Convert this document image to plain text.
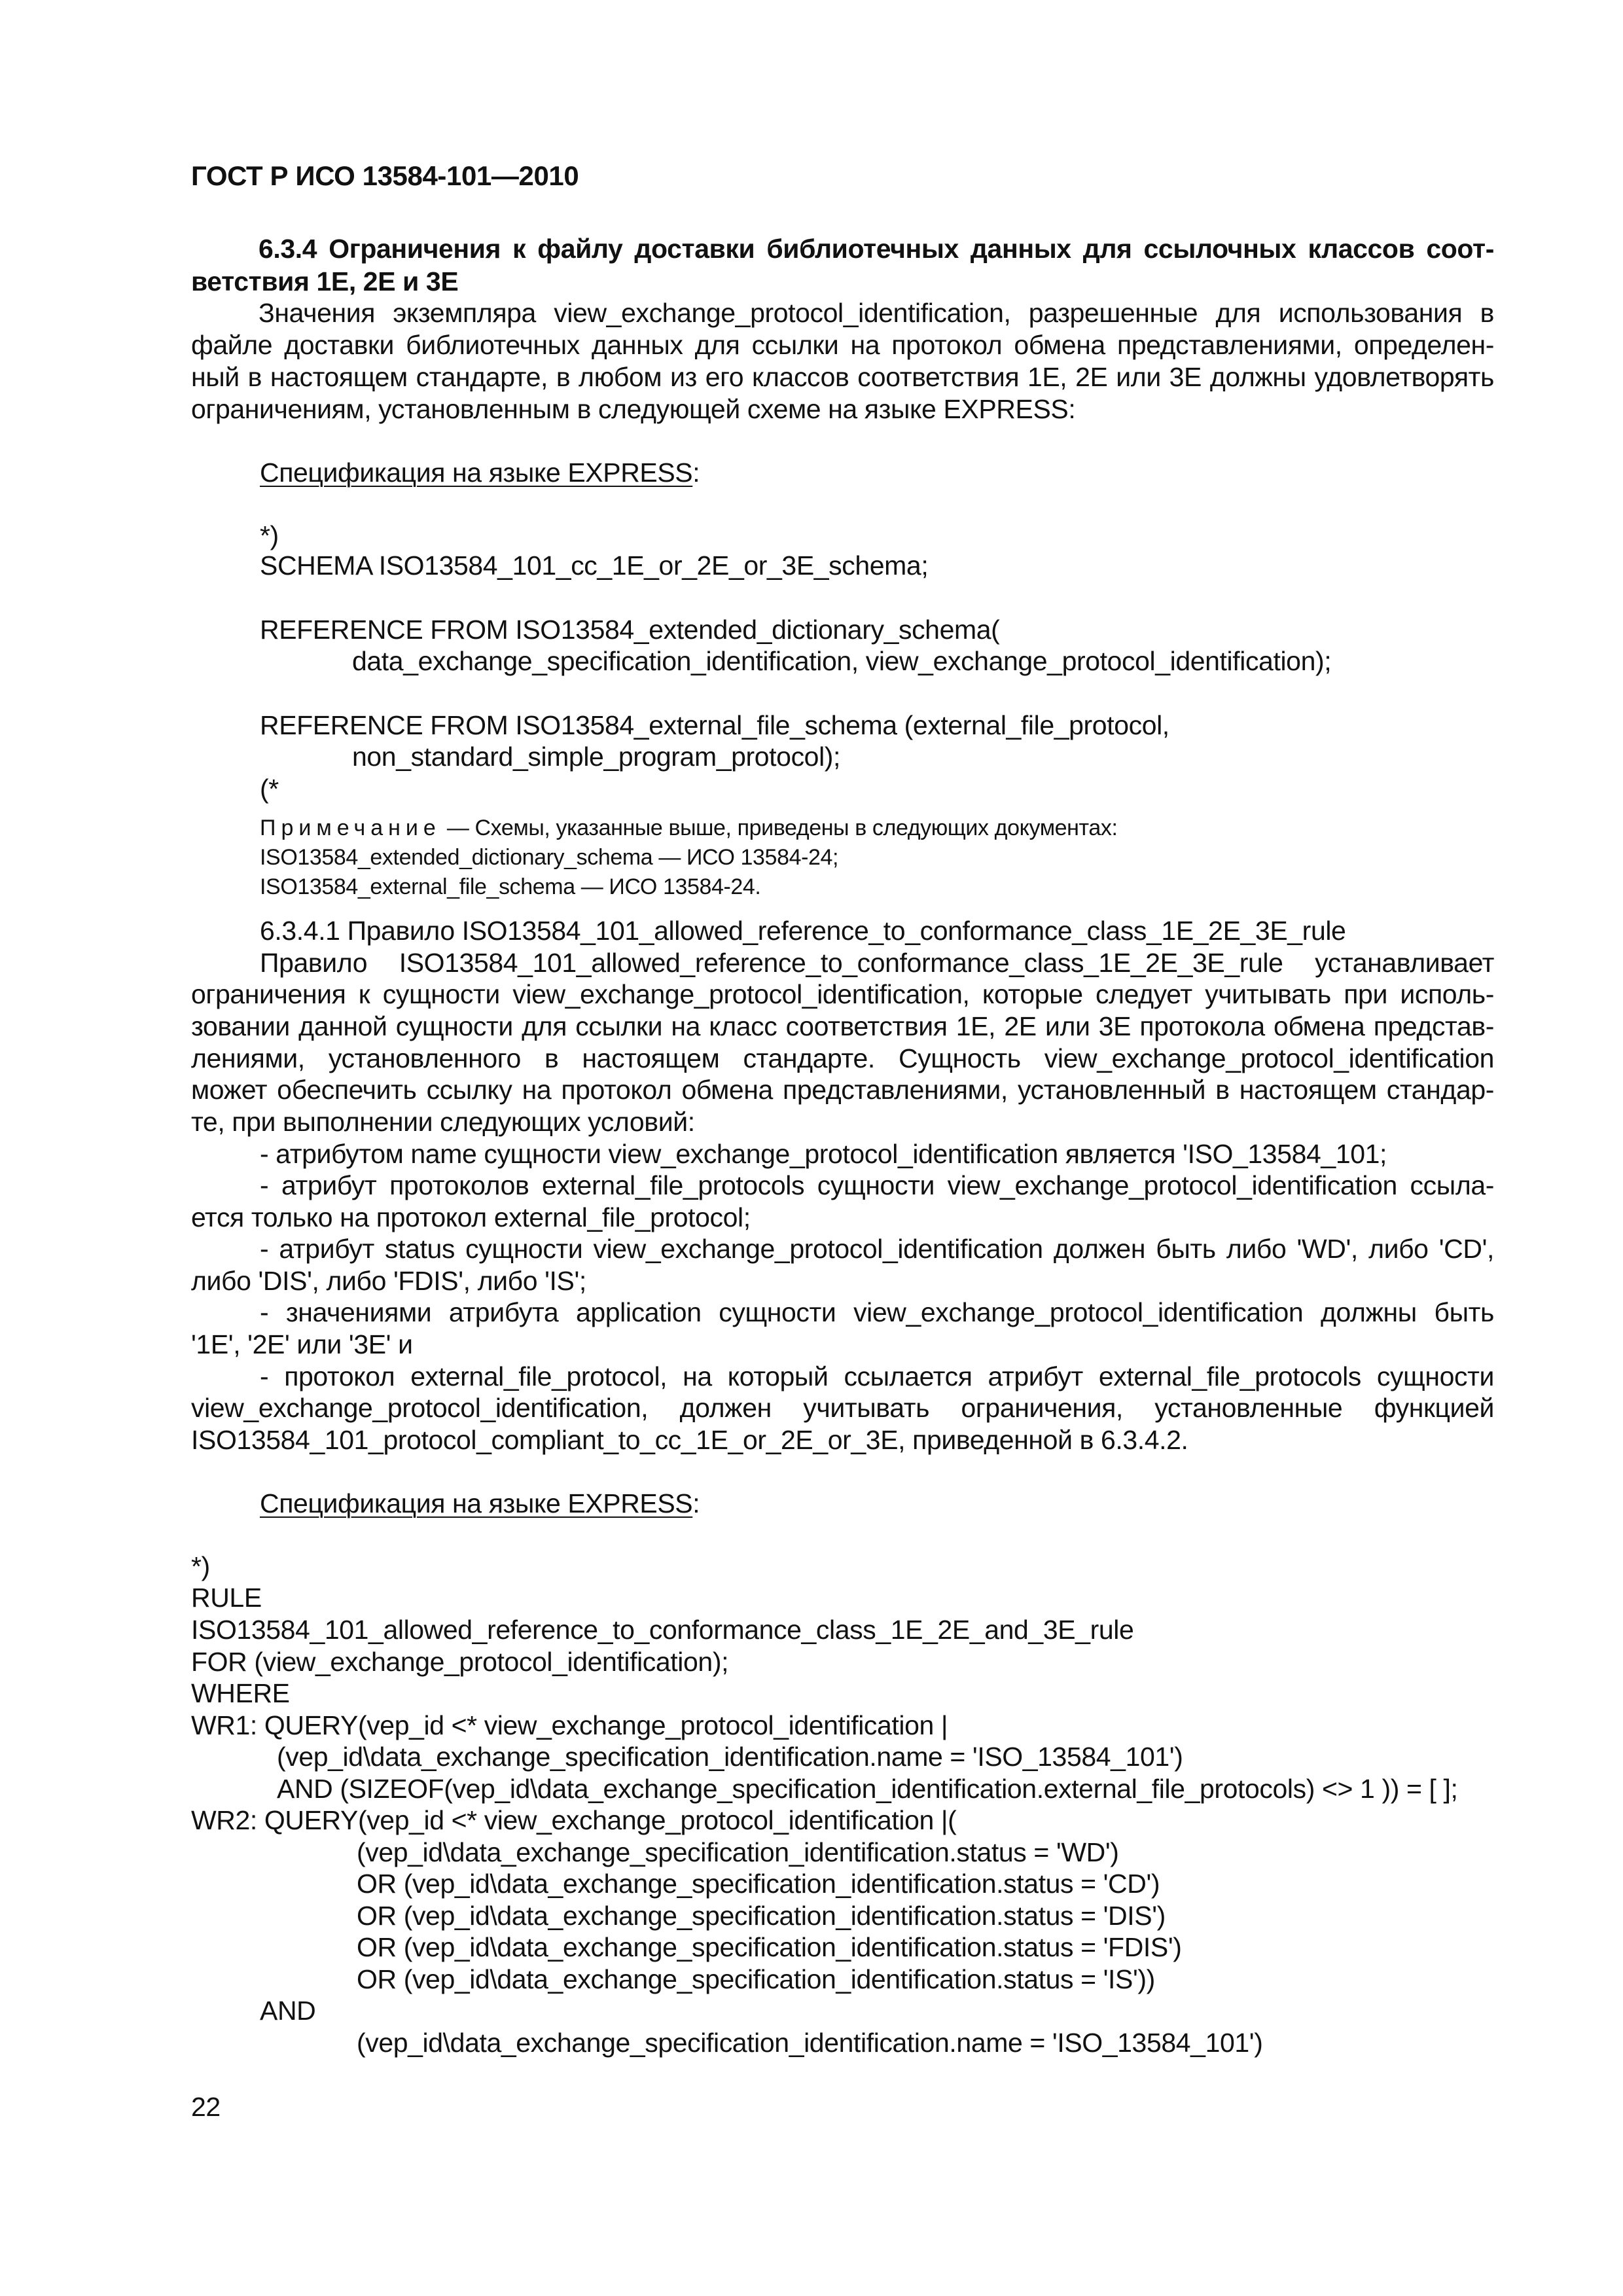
ГОСТ Р ИСО 13584-101—2010
6.3.4 Ограничения к файлу доставки библиотечных данных для ссылочных классов соот-
ветствия 1E, 2E и 3E
Значения экземпляра view_exchange_protocol_identification, разрешенные для использования в
файле доставки библиотечных данных для ссылки на протокол обмена представлениями, определен-
ный в настоящем стандарте, в любом из его классов соответствия 1E, 2E или 3E должны удовлетворять
ограничениям, установленным в следующей схеме на языке EXPRESS:
Спецификация на языке EXPRESS:
*)
SCHEMA ISO13584_101_cc_1E_or_2E_or_3E_schema;
REFERENCE FROM ISO13584_extended_dictionary_schema(
data_exchange_specification_identification, view_exchange_protocol_identification);
REFERENCE FROM ISO13584_external_file_schema (external_file_protocol,
non_standard_simple_program_protocol);
(*
Примечание — Схемы, указанные выше, приведены в следующих документах:
ISO13584_extended_dictionary_schema — ИСО 13584-24;
ISO13584_external_file_schema — ИСО 13584-24.
6.3.4.1 Правило ISO13584_101_allowed_reference_to_conformance_class_1E_2E_3E_rule
Правило ISO13584_101_allowed_reference_to_conformance_class_1E_2E_3E_rule устанавливает
ограничения к сущности view_exchange_protocol_identification, которые следует учитывать при исполь-
зовании данной сущности для ссылки на класс соответствия 1E, 2E или 3E протокола обмена представ-
лениями, установленного в настоящем стандарте. Сущность view_exchange_protocol_identification
может обеспечить ссылку на протокол обмена представлениями, установленный в настоящем стандар-
те, при выполнении следующих условий:
- атрибутом name сущности view_exchange_protocol_identification является 'ISO_13584_101;
- атрибут протоколов external_file_protocols сущности view_exchange_protocol_identification ссыла-
ется только на протокол external_file_protocol;
- атрибут status сущности view_exchange_protocol_identification должен быть либо 'WD', либо 'CD',
либо 'DIS', либо 'FDIS', либо 'IS';
- значениями атрибута application сущности view_exchange_protocol_identification должны быть
'1E', '2E' или '3E' и
- протокол external_file_protocol, на который ссылается атрибут external_file_protocols сущности
view_exchange_protocol_identification, должен учитывать ограничения, установленные функцией
ISO13584_101_protocol_compliant_to_cc_1E_or_2E_or_3E, приведенной в 6.3.4.2.
Спецификация на языке EXPRESS:
*)
RULE
ISO13584_101_allowed_reference_to_conformance_class_1E_2E_and_3E_rule
FOR (view_exchange_protocol_identification);
WHERE
WR1: QUERY(vep_id <* view_exchange_protocol_identification |
(vep_id\data_exchange_specification_identification.name = 'ISO_13584_101')
AND (SIZEOF(vep_id\data_exchange_specification_identification.external_file_protocols) <> 1 )) = [ ];
WR2: QUERY(vep_id <* view_exchange_protocol_identification |(
(vep_id\data_exchange_specification_identification.status = 'WD')
OR (vep_id\data_exchange_specification_identification.status = 'CD')
OR (vep_id\data_exchange_specification_identification.status = 'DIS')
OR (vep_id\data_exchange_specification_identification.status = 'FDIS')
OR (vep_id\data_exchange_specification_identification.status = 'IS'))
AND
(vep_id\data_exchange_specification_identification.name = 'ISO_13584_101')
22
